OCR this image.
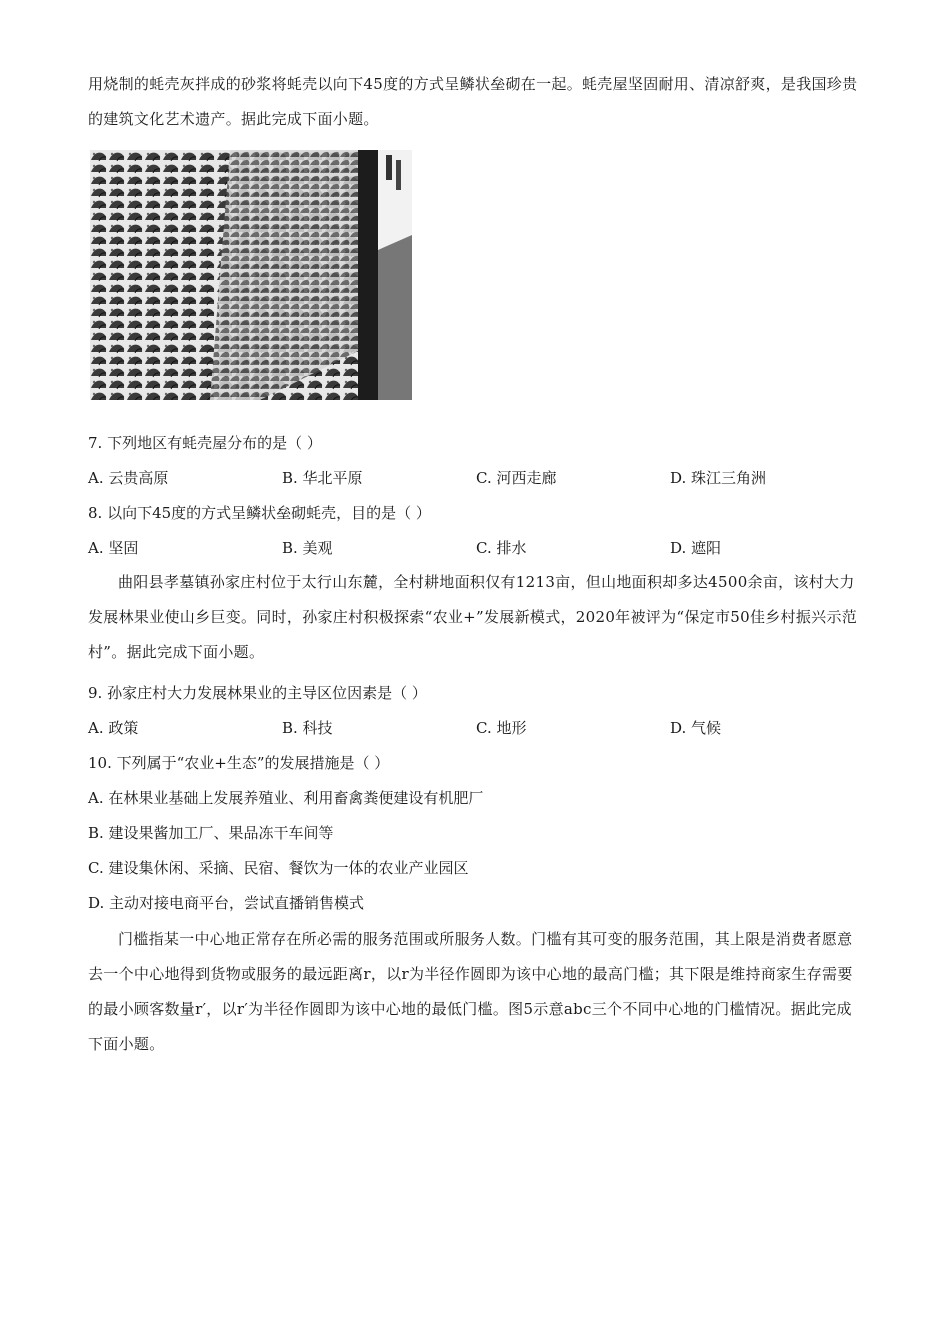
用烧制的蚝壳灰拌成的砂浆将蚝壳以向下45度的方式呈鳞状垒砌在一起。蚝壳屋坚固耐用、清凉舒爽，是我国珍贵的建筑文化艺术遗产。据此完成下面小题。
7. 下列地区有蚝壳屋分布的是（ ）
A. 云贵高原	B. 华北平原	C. 河西走廊	D. 珠江三角洲
8. 以向下45度的方式呈鳞状垒砌蚝壳，目的是（ ）
A. 坚固	B. 美观	C. 排水	D. 遮阳
曲阳县孝墓镇孙家庄村位于太行山东麓，全村耕地面积仅有1213亩，但山地面积却多达4500余亩，该村大力发展林果业使山乡巨变。同时，孙家庄村积极探索“农业+”发展新模式，2020年被评为“保定市50佳乡村振兴示范村”。据此完成下面小题。
9. 孙家庄村大力发展林果业的主导区位因素是（ ）
A. 政策	B. 科技	C. 地形	D. 气候
10. 下列属于“农业+生态”的发展措施是（ ）
A. 在林果业基础上发展养殖业、利用畜禽粪便建设有机肥厂
B. 建设果酱加工厂、果品冻干车间等
C. 建设集休闲、采摘、民宿、餐饮为一体的农业产业园区
D. 主动对接电商平台，尝试直播销售模式
门槛指某一中心地正常存在所必需的服务范围或所服务人数。门槛有其可变的服务范围，其上限是消费者愿意去一个中心地得到货物或服务的最远距离r，以r为半径作圆即为该中心地的最高门槛；其下限是维持商家生存需要的最小顾客数量r′，以r′为半径作圆即为该中心地的最低门槛。图5示意abc三个不同中心地的门槛情况。据此完成下面小题。
